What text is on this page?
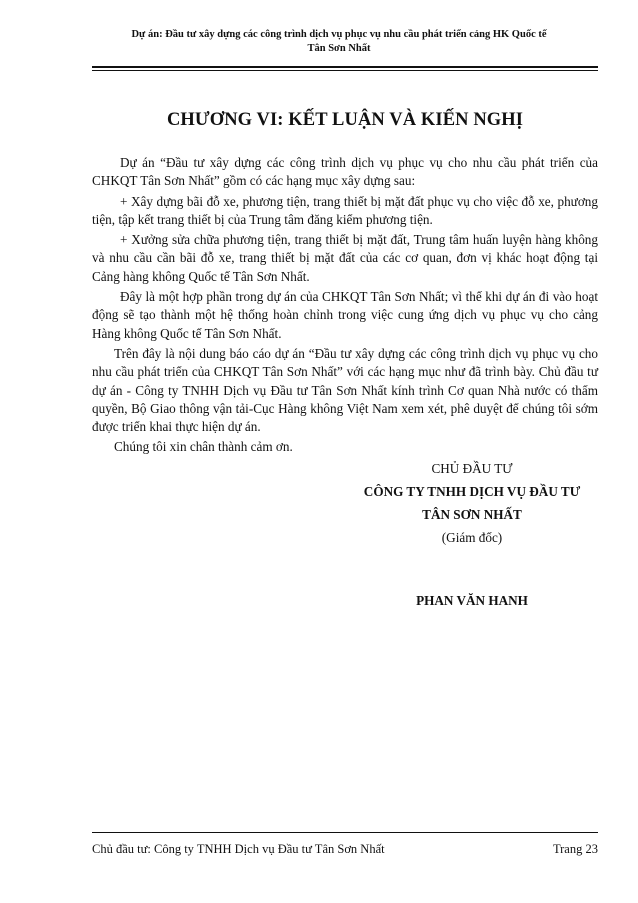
Dự án: Đầu tư xây dựng các công trình dịch vụ phục vụ nhu cầu phát triển cảng HK Quốc tế
Tân Sơn Nhất
CHƯƠNG VI: KẾT LUẬN VÀ KIẾN NGHỊ

Dự án “Đầu tư xây dựng các công trình dịch vụ phục vụ cho nhu cầu phát triển của CHKQT Tân Sơn Nhất” gồm có các hạng mục xây dựng sau:

+ Xây dựng bãi đỗ xe, phương tiện, trang thiết bị mặt đất phục vụ cho việc đỗ xe, phương tiện, tập kết trang thiết bị của Trung tâm đăng kiểm phương tiện.

+ Xưởng sửa chữa phương tiện, trang thiết bị mặt đất, Trung tâm huấn luyện hàng không và nhu cầu cần bãi đỗ xe, trang thiết bị mặt đất của các cơ quan, đơn vị khác hoạt động tại Cảng hàng không Quốc tế Tân Sơn Nhất.

Đây là một hợp phần trong dự án của CHKQT Tân Sơn Nhất; vì thế khi dự án đi vào hoạt động sẽ tạo thành một hệ thống hoàn chỉnh trong việc cung ứng dịch vụ phục vụ cho cảng Hàng không Quốc tế Tân Sơn Nhất.

Trên đây là nội dung báo cáo dự án “Đầu tư xây dựng các công trình dịch vụ phục vụ cho nhu cầu phát triển của CHKQT Tân Sơn Nhất” với các hạng mục như đã trình bày. Chủ đầu tư dự án - Công ty TNHH Dịch vụ Đầu tư Tân Sơn Nhất kính trình Cơ quan Nhà nước có thẩm quyền, Bộ Giao thông vận tải-Cục Hàng không Việt Nam xem xét, phê duyệt để chúng tôi sớm được triển khai thực hiện dự án.

Chúng tôi xin chân thành cảm ơn.

CHỦ ĐẦU TƯ
CÔNG TY TNHH DỊCH VỤ ĐẦU TƯ
TÂN SƠN NHẤT
(Giám đốc)
PHAN VĂN HANH
Chủ đầu tư: Công ty TNHH Dịch vụ Đầu tư Tân Sơn Nhất	Trang 23
